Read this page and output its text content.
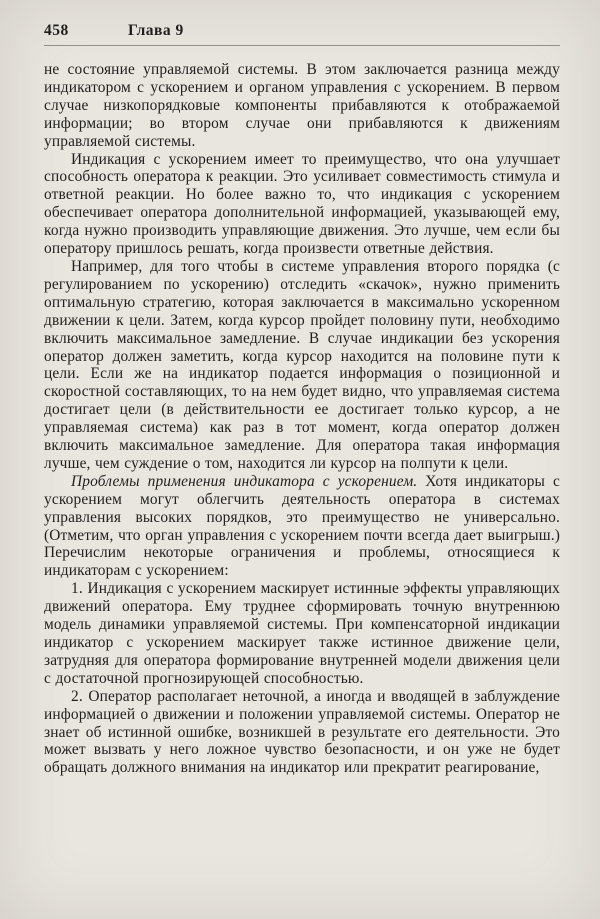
458	Глава 9

не состояние управляемой системы. В этом заключается разница между индикатором с ускорением и органом управления с ускорением. В первом случае низкопорядковые компоненты прибавляются к отображаемой информации; во втором случае они прибавляются к движениям управляемой системы.

Индикация с ускорением имеет то преимущество, что она улучшает способность оператора к реакции. Это усиливает совместимость стимула и ответной реакции. Но более важно то, что индикация с ускорением обеспечивает оператора дополнительной информацией, указывающей ему, когда нужно производить управляющие движения. Это лучше, чем если бы оператору пришлось решать, когда произвести ответные действия.

Например, для того чтобы в системе управления второго порядка (с регулированием по ускорению) отследить «скачок», нужно применить оптимальную стратегию, которая заключается в максимально ускоренном движении к цели. Затем, когда курсор пройдет половину пути, необходимо включить максимальное замедление. В случае индикации без ускорения оператор должен заметить, когда курсор находится на половине пути к цели. Если же на индикатор подается информация о позиционной и скоростной составляющих, то на нем будет видно, что управляемая система достигает цели (в действительности ее достигает только курсор, а не управляемая система) как раз в тот момент, когда оператор должен включить максимальное замедление. Для оператора такая информация лучше, чем суждение о том, находится ли курсор на полпути к цели.

Проблемы применения индикатора с ускорением. Хотя индикаторы с ускорением могут облегчить деятельность оператора в системах управления высоких порядков, это преимущество не универсально. (Отметим, что орган управления с ускорением почти всегда дает выигрыш.) Перечислим некоторые ограничения и проблемы, относящиеся к индикаторам с ускорением:

1. Индикация с ускорением маскирует истинные эффекты управляющих движений оператора. Ему труднее сформировать точную внутреннюю модель динамики управляемой системы. При компенсаторной индикации индикатор с ускорением маскирует также истинное движение цели, затрудняя для оператора формирование внутренней модели движения цели с достаточной прогнозирующей способностью.

2. Оператор располагает неточной, а иногда и вводящей в заблуждение информацией о движении и положении управляемой системы. Оператор не знает об истинной ошибке, возникшей в результате его деятельности. Это может вызвать у него ложное чувство безопасности, и он уже не будет обращать должного внимания на индикатор или прекратит реагирование,
